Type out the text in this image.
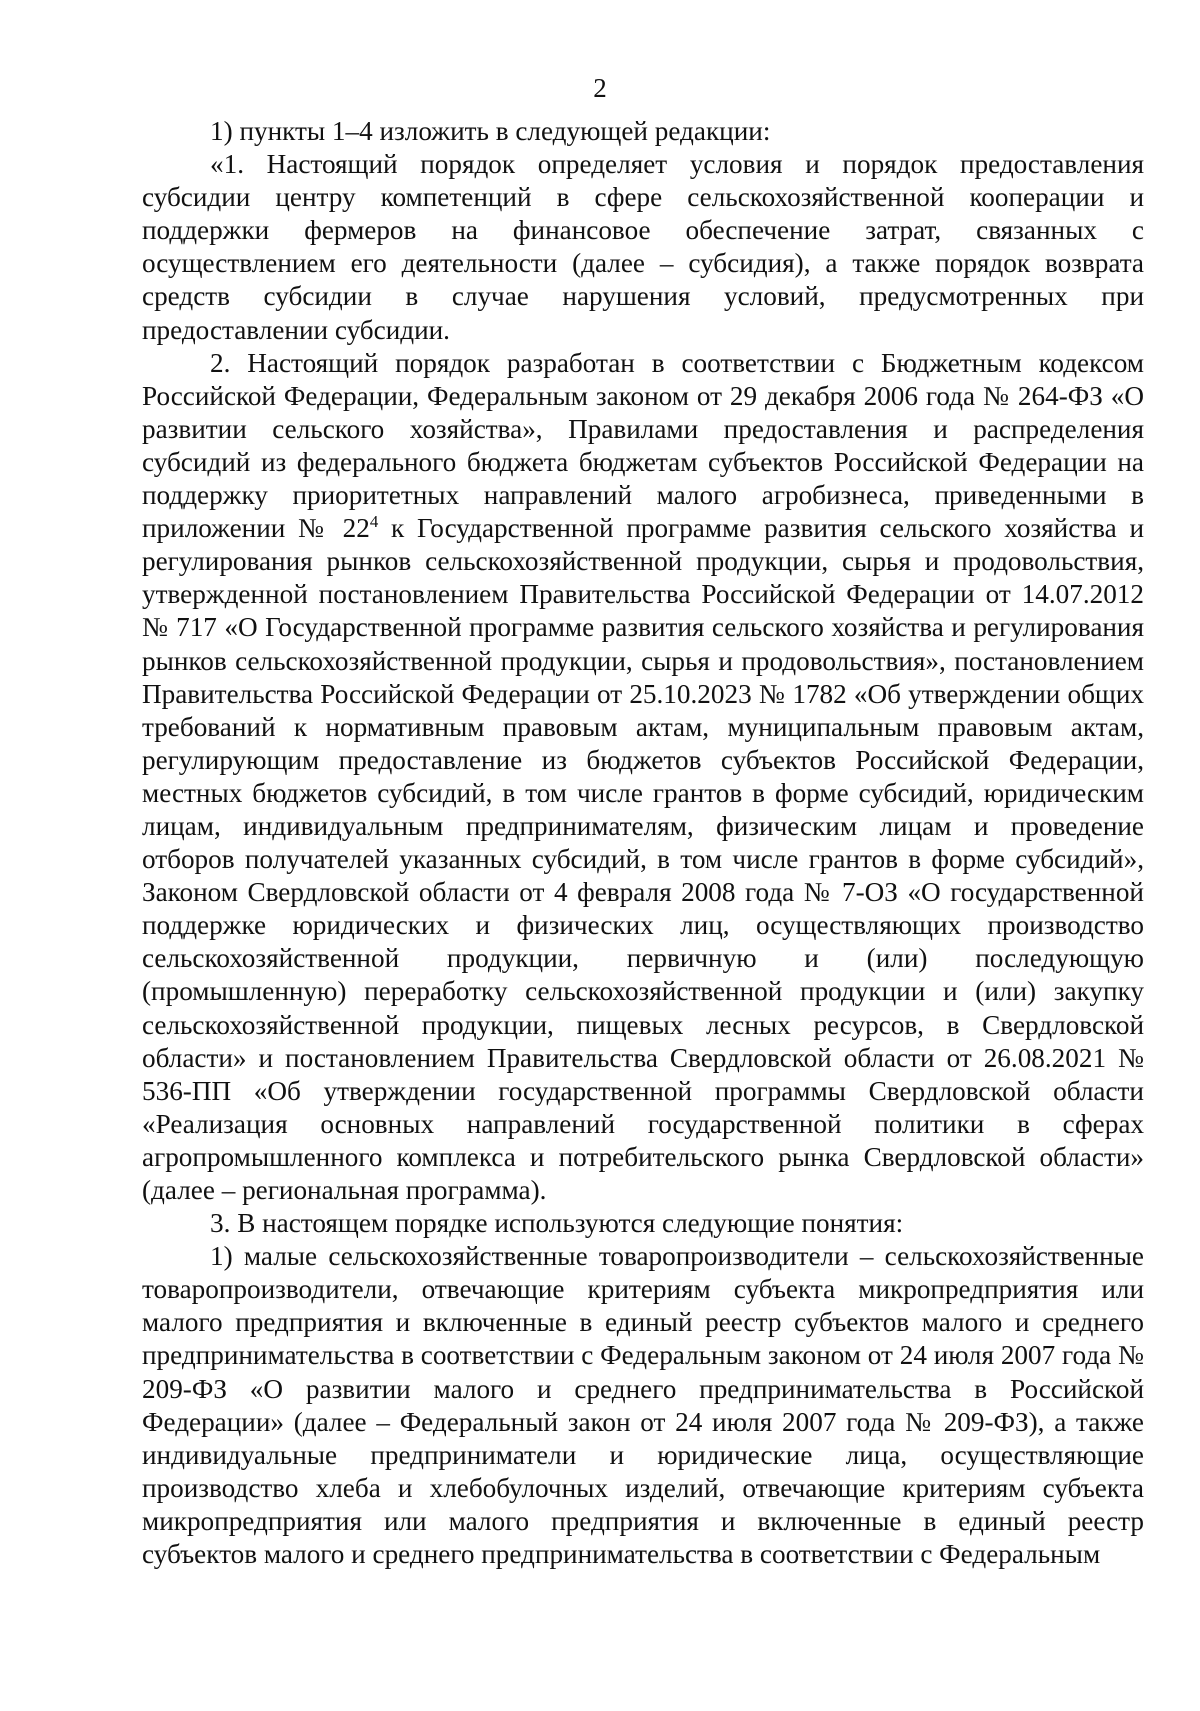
2

1) пункты 1–4 изложить в следующей редакции:

«1. Настоящий порядок определяет условия и порядок предоставления субсидии центру компетенций в сфере сельскохозяйственной кооперации и поддержки фермеров на финансовое обеспечение затрат, связанных с осуществлением его деятельности (далее – субсидия), а также порядок возврата средств субсидии в случае нарушения условий, предусмотренных при предоставлении субсидии.

2. Настоящий порядок разработан в соответствии с Бюджетным кодексом Российской Федерации, Федеральным законом от 29 декабря 2006 года № 264-ФЗ «О развитии сельского хозяйства», Правилами предоставления и распределения субсидий из федерального бюджета бюджетам субъектов Российской Федерации на поддержку приоритетных направлений малого агробизнеса, приведенными в приложении № $22^4$ к Государственной программе развития сельского хозяйства и регулирования рынков сельскохозяйственной продукции, сырья и продовольствия, утвержденной постановлением Правительства Российской Федерации от 14.07.2012 № 717 «О Государственной программе развития сельского хозяйства и регулирования рынков сельскохозяйственной продукции, сырья и продовольствия», постановлением Правительства Российской Федерации от 25.10.2023 № 1782 «Об утверждении общих требований к нормативным правовым актам, муниципальным правовым актам, регулирующим предоставление из бюджетов субъектов Российской Федерации, местных бюджетов субсидий, в том числе грантов в форме субсидий, юридическим лицам, индивидуальным предпринимателям, физическим лицам и проведение отборов получателей указанных субсидий, в том числе грантов в форме субсидий», Законом Свердловской области от 4 февраля 2008 года № 7-ОЗ «О государственной поддержке юридических и физических лиц, осуществляющих производство сельскохозяйственной продукции, первичную и (или) последующую (промышленную) переработку сельскохозяйственной продукции и (или) закупку сельскохозяйственной продукции, пищевых лесных ресурсов, в Свердловской области» и постановлением Правительства Свердловской области от 26.08.2021 № 536-ПП «Об утверждении государственной программы Свердловской области «Реализация основных направлений государственной политики в сферах агропромышленного комплекса и потребительского рынка Свердловской области» (далее – региональная программа).

3. В настоящем порядке используются следующие понятия:

1) малые сельскохозяйственные товаропроизводители – сельскохозяйственные товаропроизводители, отвечающие критериям субъекта микропредприятия или малого предприятия и включенные в единый реестр субъектов малого и среднего предпринимательства в соответствии с Федеральным законом от 24 июля 2007 года № 209-ФЗ «О развитии малого и среднего предпринимательства в Российской Федерации» (далее – Федеральный закон от 24 июля 2007 года № 209-ФЗ), а также индивидуальные предприниматели и юридические лица, осуществляющие производство хлеба и хлебобулочных изделий, отвечающие критериям субъекта микропредприятия или малого предприятия и включенные в единый реестр субъектов малого и среднего предпринимательства в соответствии с Федеральным
